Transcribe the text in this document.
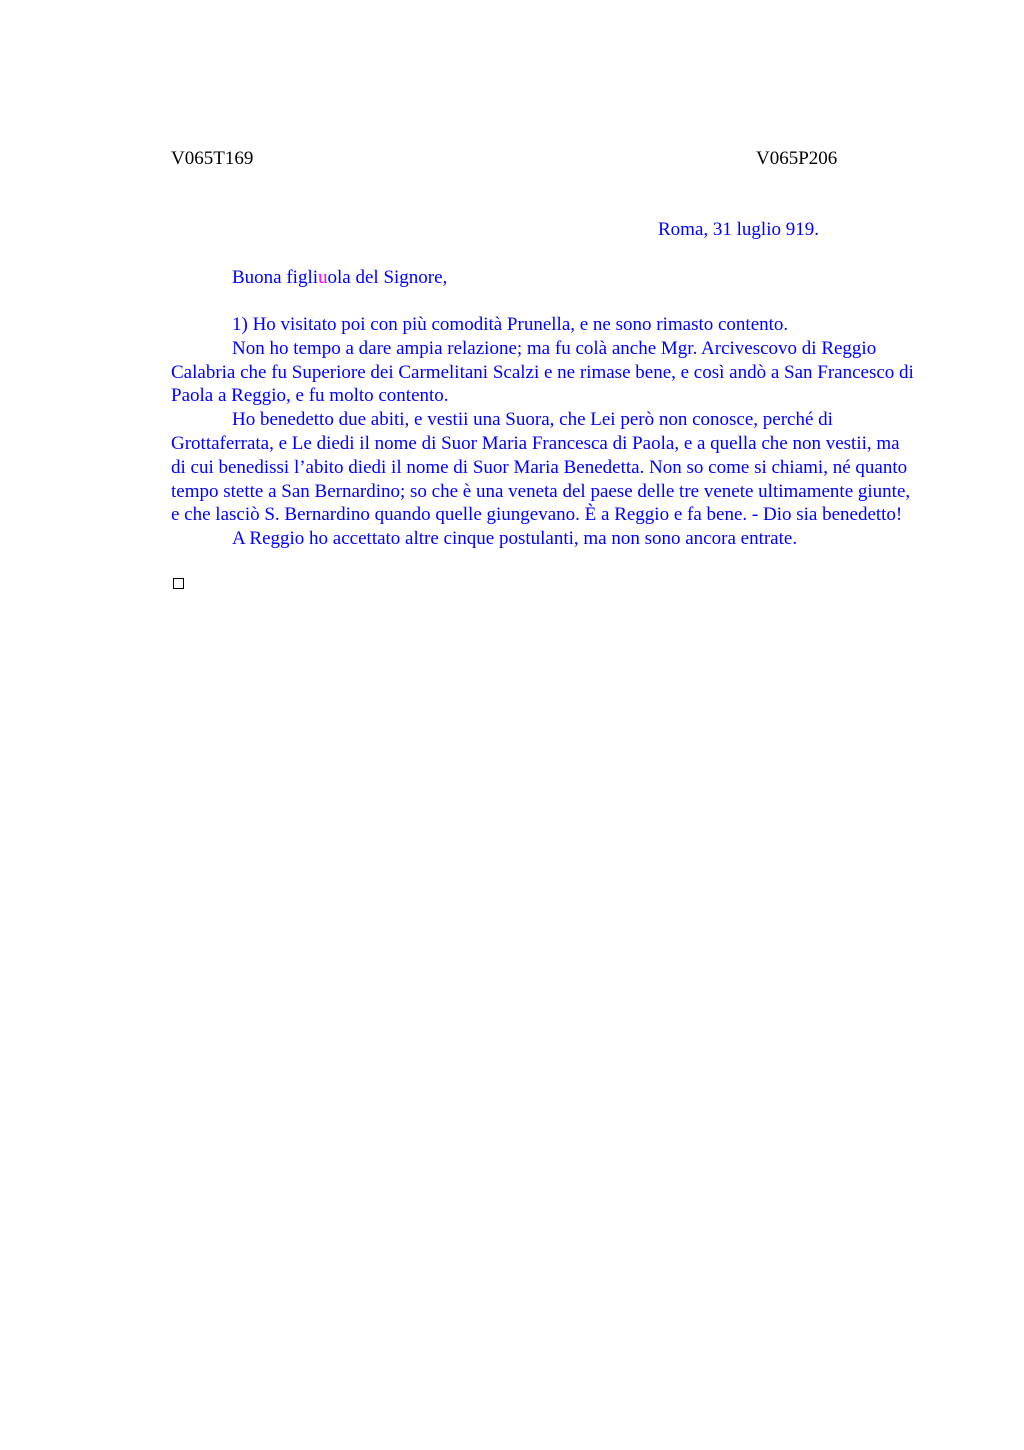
V065T169	V065P206
Roma, 31 luglio 919.
Buona figliuola del Signore,

1) Ho visitato poi con più comodità Prunella, e ne sono rimasto contento.

Non ho tempo a dare ampia relazione; ma fu colà anche Mgr. Arcivescovo di Reggio Calabria che fu Superiore dei Carmelitani Scalzi e ne rimase bene, e così andò a San Francesco di Paola a Reggio, e fu molto contento.

Ho benedetto due abiti, e vestii una Suora, che Lei però non conosce, perché di Grottaferrata, e Le diedi il nome di Suor Maria Francesca di Paola, e a quella che non vestii, ma di cui benedissi l’abito diedi il nome di Suor Maria Benedetta. Non so come si chiami, né quanto tempo stette a San Bernardino; so che è una veneta del paese delle tre venete ultimamente giunte, e che lasciò S. Bernardino quando quelle giungevano. È a Reggio e fa bene. - Dio sia benedetto!

A Reggio ho accettato altre cinque postulanti, ma non sono ancora entrate.
